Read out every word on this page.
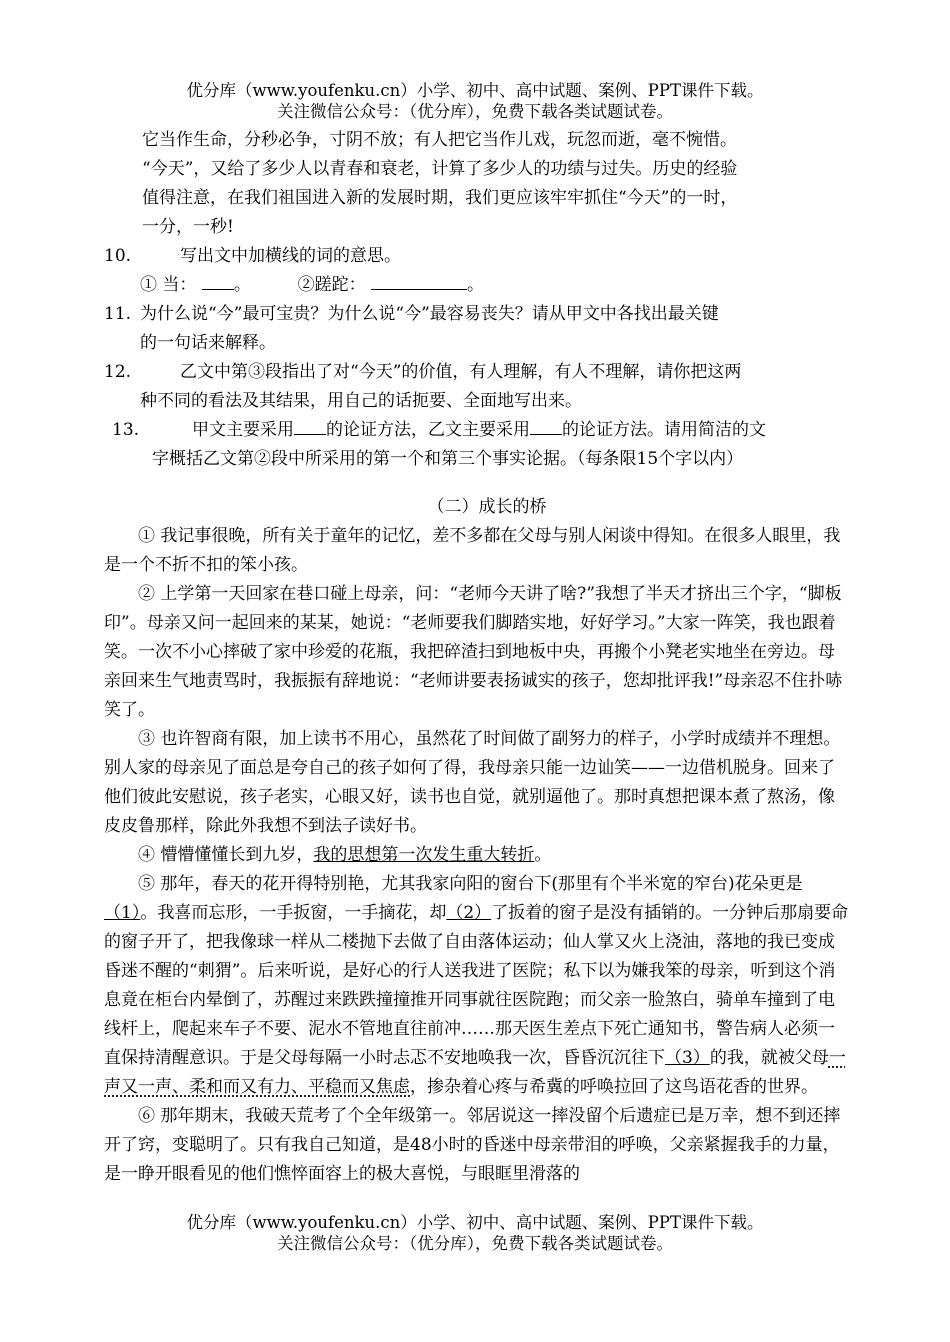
优分库（www.youfenku.cn）小学、初中、高中试题、案例、PPT课件下载。
关注微信公众号：（优分库），免费下载各类试题试卷。

它当作生命，分秒必争，寸阴不放；有人把它当作儿戏，玩忽而逝，毫不惋惜。

“今天”，又给了多少人以青春和衰老，计算了多少人的功绩与过失。历史的经验

值得注意，在我们祖国进入新的发展时期，我们更应该牢牢抓住“今天”的一时，

一分，一秒!

10.	写出文中加横线的词的意思。
① 当： 。	②蹉跎：	。
11. 为什么说“今”最可宝贵？为什么说“今”最容易丧失？请从甲文中各找出最关键
的一句话来解释。
12.	乙文中第③段指出了对“今天”的价值，有人理解，有人不理解，请你把这两
种不同的看法及其结果，用自己的话扼要、全面地写出来。
13.	甲文主要采用 的论证方法，乙文主要采用 的论证方法。请用简洁的文
字概括乙文第②段中所采用的第一个和第三个事实论据。（每条限15个字以内）

（二）成长的桥

① 我记事很晚，所有关于童年的记忆，差不多都在父母与别人闲谈中得知。在很多人眼里，我是一个不折不扣的笨小孩。

② 上学第一天回家在巷口碰上母亲，问：“老师今天讲了啥?”我想了半天才挤出三个字，“脚板印”。母亲又问一起回来的某某，她说：“老师要我们脚踏实地，好好学习。”大家一阵笑，我也跟着笑。一次不小心摔破了家中珍爱的花瓶，我把碎渣扫到地板中央，再搬个小凳老实地坐在旁边。母亲回来生气地责骂时，我振振有辞地说：“老师讲要表扬诚实的孩子，您却批评我!”母亲忍不住扑哧笑了。

③ 也许智商有限，加上读书不用心，虽然花了时间做了副努力的样子，小学时成绩并不理想。别人家的母亲见了面总是夸自己的孩子如何了得，我母亲只能一边讪笑——一边借机脱身。回来了他们彼此安慰说，孩子老实，心眼又好，读书也自觉，就别逼他了。那时真想把课本煮了熬汤，像皮皮鲁那样，除此外我想不到法子读好书。

④ 懵懵懂懂长到九岁，我的思想第一次发生重大转折。

⑤ 那年，春天的花开得特别艳，尤其我家向阳的窗台下(那里有个半米宽的窄台)花朵更是（1）。我喜而忘形，一手扳窗，一手摘花，却（2）了扳着的窗子是没有插销的。一分钟后那扇要命的窗子开了，把我像球一样从二楼抛下去做了自由落体运动；仙人掌又火上浇油，落地的我已变成昏迷不醒的“刺猬”。后来听说，是好心的行人送我进了医院；私下以为嫌我笨的母亲，听到这个消息竟在柜台内晕倒了，苏醒过来跌跌撞撞推开同事就往医院跑；而父亲一脸煞白，骑单车撞到了电线杆上，爬起来车子不要、泥水不管地直往前冲……那天医生差点下死亡通知书，警告病人必须一直保持清醒意识。于是父母每隔一小时忐忑不安地唤我一次，昏昏沉沉往下（3）的我，就被父母一声又一声、柔和而又有力、平稳而又焦虑，掺杂着心疼与希冀的呼唤拉回了这鸟语花香的世界。

⑥ 那年期末，我破天荒考了个全年级第一。邻居说这一摔没留个后遗症已是万幸，想不到还摔开了窍，变聪明了。只有我自己知道，是48小时的昏迷中母亲带泪的呼唤，父亲紧握我手的力量，是一睁开眼看见的他们憔悴面容上的极大喜悦，与眼眶里滑落的

优分库（www.youfenku.cn）小学、初中、高中试题、案例、PPT课件下载。
关注微信公众号：（优分库），免费下载各类试题试卷。
